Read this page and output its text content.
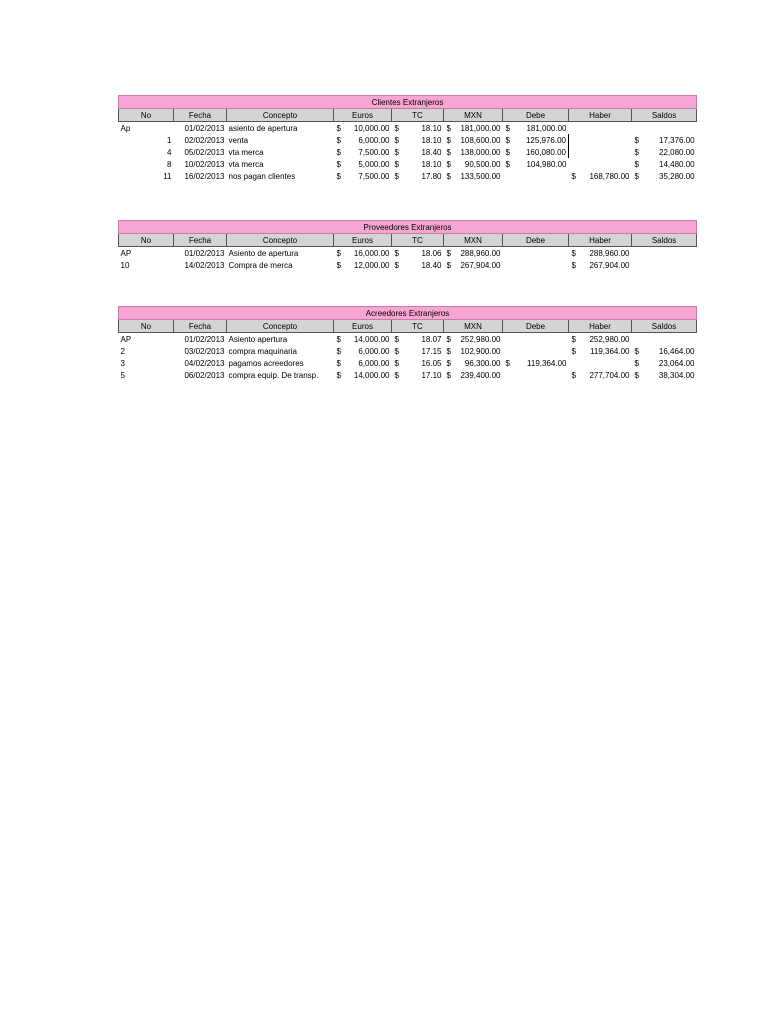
Clientes Extranjeros								
No	Fecha	Concepto	Euros	TC	MXN	Debe	Haber	Saldos
Ap	01/02/2013	asiento de apertura	$ 10,000.00	$ 18.10	$ 181,000.00	$ 181,000.00		

1	02/02/2013	venta	$ 6,000.00	$ 18.10	$ 108,600.00	$ 125,976.00		$ 17,376.00

4	05/02/2013	vta merca	$ 7,500.00	$ 18.40	$ 138,000.00	$ 160,080.00		$ 22,080.00

8	10/02/2013	vta merca	$ 5,000.00	$ 18.10	$ 90,500.00	$ 104,980.00		$ 14,480.00

11	16/02/2013	nos pagan clientes	$ 7,500.00	$ 17.80	$ 133,500.00		$ 168,780.00	$ 35,280.00
Proveedores Extranjeros								
No	Fecha	Concepto	Euros	TC	MXN	Debe	Haber	Saldos
AP	01/02/2013	Asiento de apertura	$ 16,000.00	$ 18.06	$ 288,960.00		$ 288,960.00	

10	14/02/2013	Compra de merca	$ 12,000.00	$ 18.40	$ 267,904.00		$ 267,904.00	

Acreedores Extranjeros								
No	Fecha	Concepto	Euros	TC	MXN	Debe	Haber	Saldos
AP	01/02/2013	Asiento apertura	$ 14,000.00	$ 18.07	$ 252,980.00		$ 252,980.00	

2	03/02/2013	compra maquinaria	$ 6,000.00	$ 17.15	$ 102,900.00		$ 119,364.00	$ 16,464.00

3	04/02/2013	pagamos acreedores	$ 6,000.00	$ 16.05	$ 96,300.00	$ 119,364.00		$ 23,064.00

5	06/02/2013	compra equip. De transp.	$ 14,000.00	$ 17.10	$ 239,400.00		$ 277,704.00	$ 38,304.00
